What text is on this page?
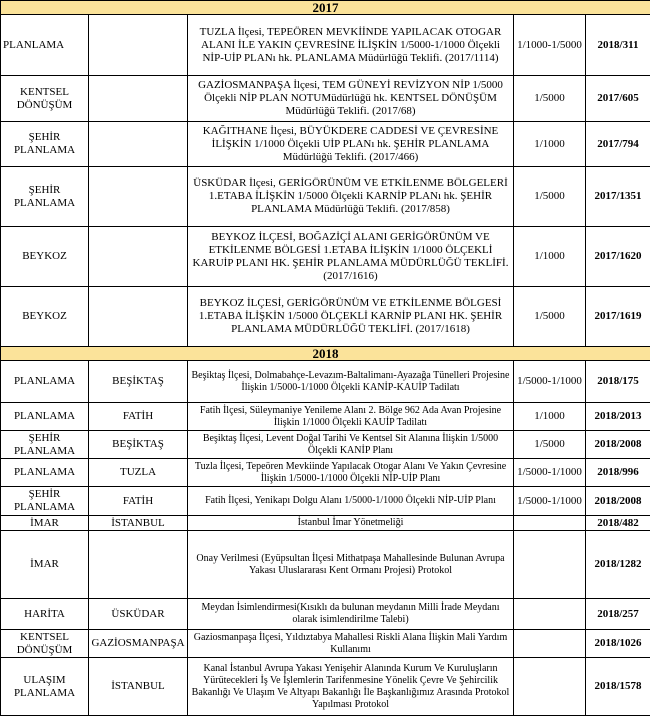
2017				
PLANLAMA		TUZLA İlçesi, TEPEÖREN MEVKİİNDE YAPILACAK OTOGAR ALANI İLE YAKIN ÇEVRESİNE İLİŞKİN 1/5000-1/1000 Ölçekli NİP-UİP PLANı hk. PLANLAMA Müdürlüğü Teklifi. (2017/1114)	1/1000-1/5000	2018/311
KENTSEL DÖNÜŞÜM		GAZİOSMANPAŞA İlçesi, TEM GÜNEYİ REVİZYON NİP 1/5000 Ölçekli NİP PLAN NOTUMüdürlüğü hk. KENTSEL DÖNÜŞÜM Müdürlüğü Teklifi. (2017/68)	1/5000	2017/605
ŞEHİR PLANLAMA		KAĞITHANE İlçesi, BÜYÜKDERE CADDESİ VE ÇEVRESİNE İLİŞKİN 1/1000 Ölçekli UİP PLANı hk. ŞEHİR PLANLAMA Müdürlüğü Teklifi. (2017/466)	1/1000	2017/794
ŞEHİR PLANLAMA		ÜSKÜDAR İlçesi, GERİGÖRÜNÜM VE ETKİLENME BÖLGELERİ 1.ETABA İLİŞKİN 1/5000 Ölçekli KARNİP PLANı hk. ŞEHİR PLANLAMA Müdürlüğü Teklifi. (2017/858)	1/5000	2017/1351
BEYKOZ		BEYKOZ İLÇESİ, BOĞAZİÇİ ALANI GERİGÖRÜNÜM VE ETKİLENME BÖLGESİ 1.ETABA İLİŞKİN 1/1000 ÖLÇEKLİ KARUİP PLANI HK. ŞEHİR PLANLAMA MÜDÜRLÜĞÜ TEKLİFİ. (2017/1616)	1/1000	2017/1620
BEYKOZ		BEYKOZ İLÇESİ, GERİGÖRÜNÜM VE ETKİLENME BÖLGESİ 1.ETABA İLİŞKİN 1/5000 ÖLÇEKLİ KARNİP PLANI HK. ŞEHİR PLANLAMA MÜDÜRLÜĞÜ TEKLİFİ. (2017/1618)	1/5000	2017/1619
2018				
PLANLAMA	BEŞİKTAŞ	Beşiktaş İlçesi, Dolmabahçe-Levazım-Baltalimanı-Ayazağa Tünelleri Projesine İlişkin 1/5000-1/1000 Ölçekli KANİP-KAUİP Tadilatı	1/5000-1/1000	2018/175
PLANLAMA	FATİH	Fatih İlçesi, Süleymaniye Yenileme Alanı 2. Bölge 962 Ada Avan Projesine İlişkin 1/1000 Ölçekli KAUİP Tadilatı	1/1000	2018/2013
ŞEHİR PLANLAMA	BEŞİKTAŞ	Beşiktaş İlçesi, Levent Doğal Tarihi Ve Kentsel Sit Alanına İlişkin 1/5000 Ölçekli KANİP Planı	1/5000	2018/2008
PLANLAMA	TUZLA	Tuzla İlçesi, Tepeören Mevkiinde Yapılacak Otogar Alanı Ve Yakın Çevresine İlişkin 1/5000-1/1000 Ölçekli NİP-UİP Planı	1/5000-1/1000	2018/996
ŞEHİR PLANLAMA	FATİH	Fatih İlçesi, Yenikapı Dolgu Alanı 1/5000-1/1000 Ölçekli NİP-UİP Planı	1/5000-1/1000	2018/2008
İMAR	İSTANBUL	İstanbul İmar Yönetmeliği		2018/482
İMAR		Onay Verilmesi (Eyüpsultan İlçesi Mithatpaşa Mahallesinde Bulunan Avrupa Yakası Uluslararası Kent Ormanı Projesi) Protokol		2018/1282
HARİTA	ÜSKÜDAR	Meydan İsimlendirmesi(Kısıklı da bulunan meydanın Milli İrade Meydanı olarak isimlendirilme Talebi)		2018/257
KENTSEL DÖNÜŞÜM	GAZİOSMANPAŞA	Gaziosmanpaşa İlçesi, Yıldıztabya Mahallesi Riskli Alana İlişkin Mali Yardım Kullanımı		2018/1026
ULAŞIM PLANLAMA	İSTANBUL	Kanal İstanbul Avrupa Yakası Yenişehir Alanında Kurum Ve Kuruluşların Yürütecekleri İş Ve İşlemlerin Tarifenmesine Yönelik Çevre Ve Şehircilik Bakanlığı Ve Ulaşım Ve Altyapı Bakanlığı İle Başkanlığımız Arasında Protokol Yapılması Protokol		2018/1578
